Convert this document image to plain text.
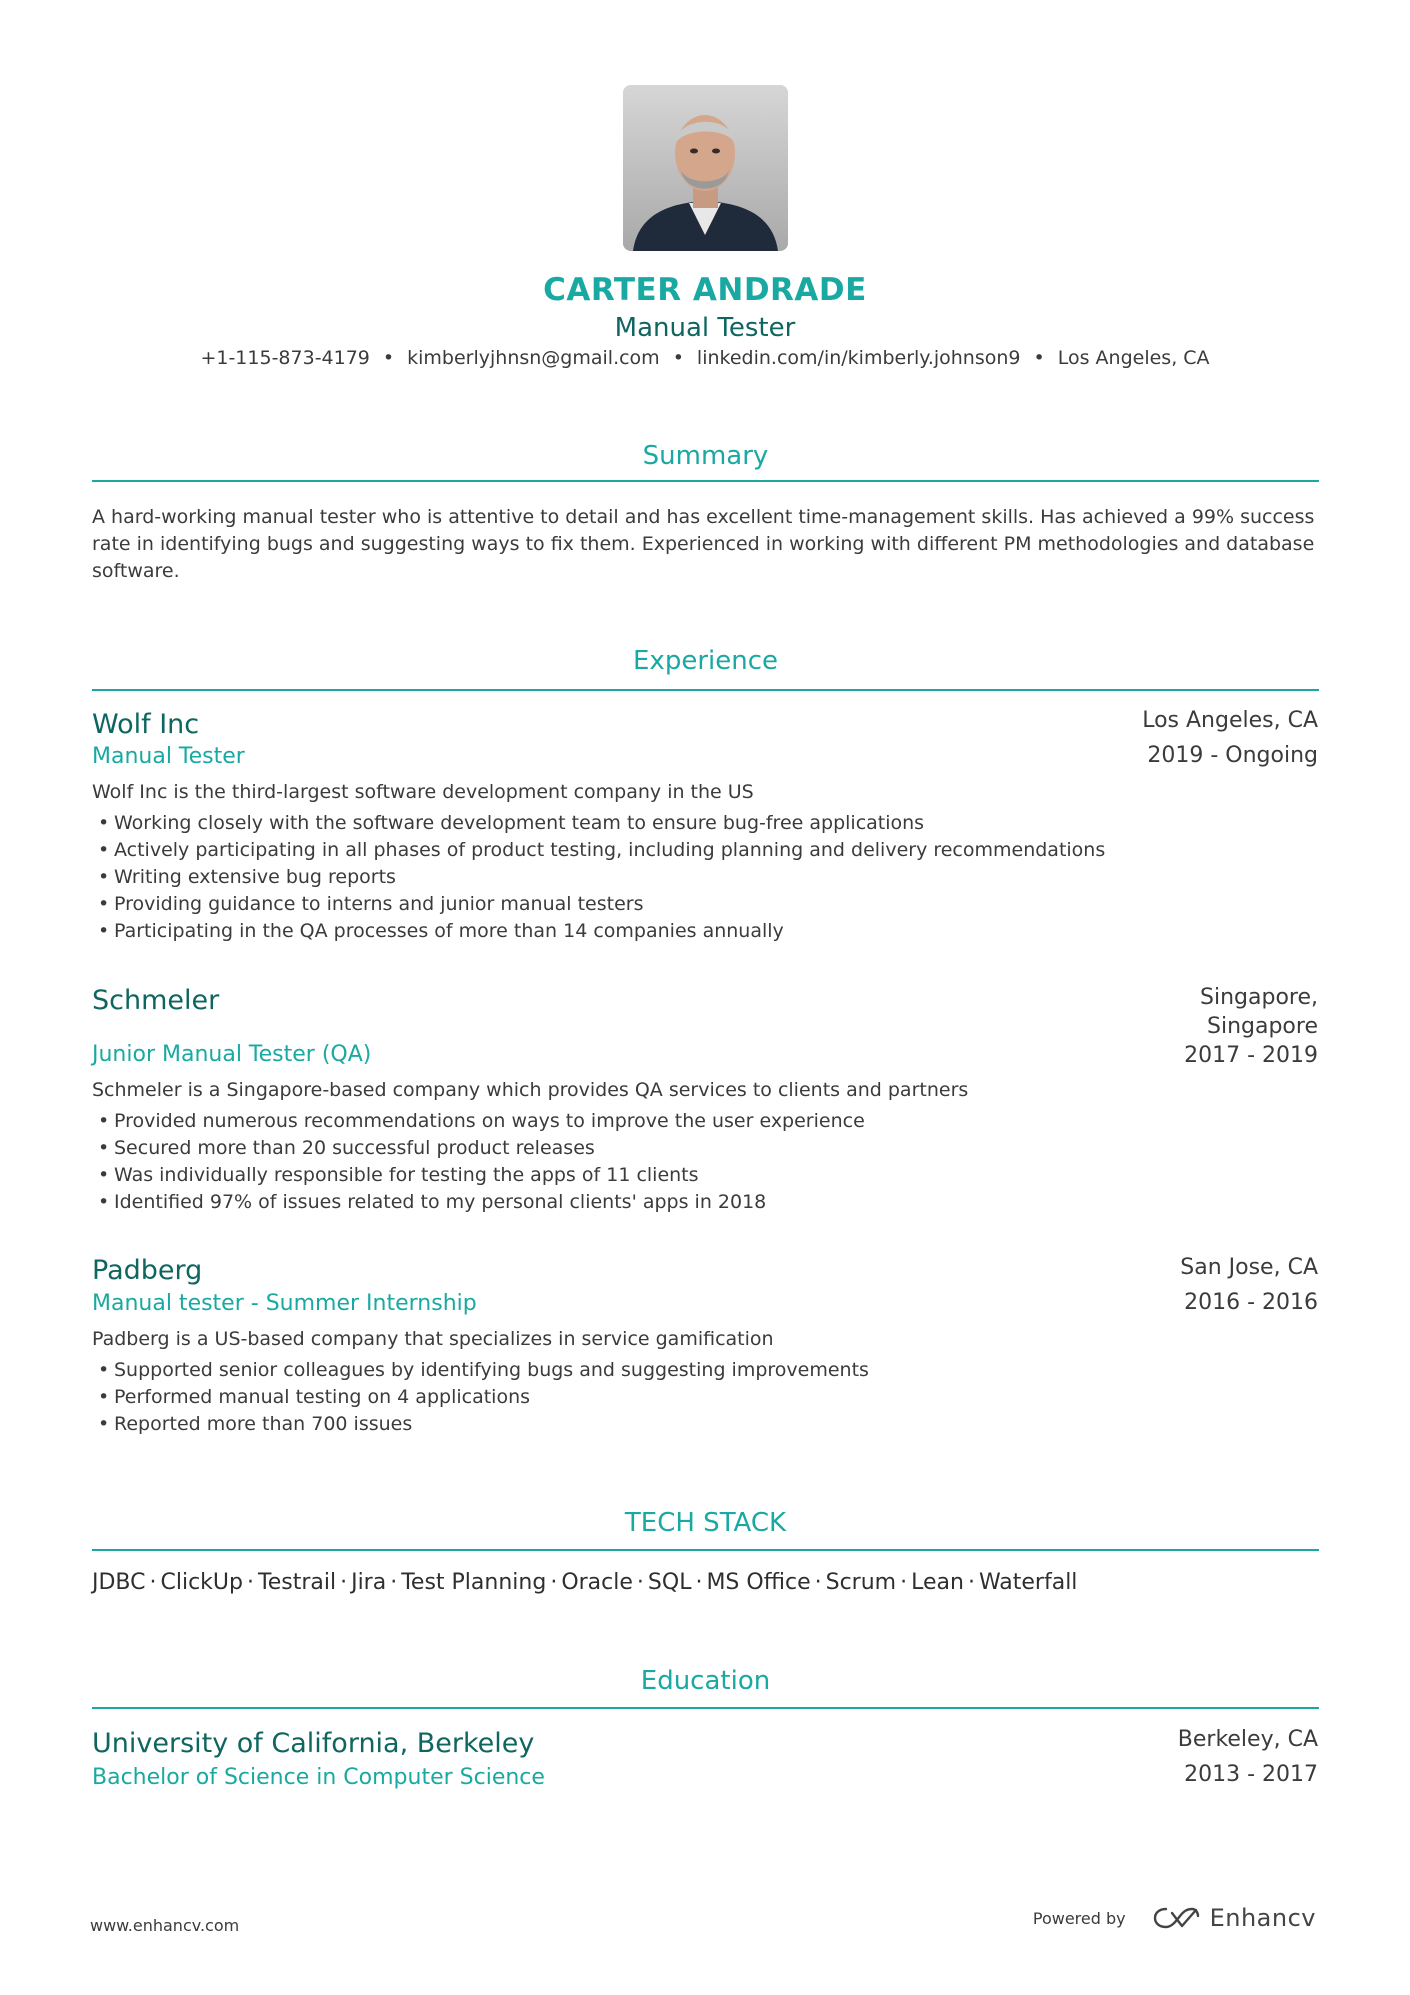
CARTER ANDRADE
Manual Tester
+1-115-873-4179 • kimberlyjhnsn@gmail.com • linkedin.com/in/kimberly.johnson9 • Los Angeles, CA
Summary
A hard-working manual tester who is attentive to detail and has excellent time-management skills. Has achieved a 99% success rate in identifying bugs and suggesting ways to fix them. Experienced in working with different PM methodologies and database software.
Experience
Wolf Inc
Manual Tester
Los Angeles, CA
2019 - Ongoing
Wolf Inc is the third-largest software development company in the US
• Working closely with the software development team to ensure bug-free applications
• Actively participating in all phases of product testing, including planning and delivery recommendations
• Writing extensive bug reports
• Providing guidance to interns and junior manual testers
• Participating in the QA processes of more than 14 companies annually
Schmeler
Junior Manual Tester (QA)
Singapore,
Singapore
2017 - 2019
Schmeler is a Singapore-based company which provides QA services to clients and partners
• Provided numerous recommendations on ways to improve the user experience
• Secured more than 20 successful product releases
• Was individually responsible for testing the apps of 11 clients
• Identified 97% of issues related to my personal clients' apps in 2018
Padberg
Manual tester - Summer Internship
San Jose, CA
2016 - 2016
Padberg is a US-based company that specializes in service gamification
• Supported senior colleagues by identifying bugs and suggesting improvements
• Performed manual testing on 4 applications
• Reported more than 700 issues
TECH STACK
JDBC · ClickUp · Testrail · Jira · Test Planning · Oracle · SQL · MS Office · Scrum · Lean · Waterfall
Education
University of California, Berkeley
Bachelor of Science in Computer Science
Berkeley, CA
2013 - 2017
www.enhancv.com	Powered by	Enhancv
